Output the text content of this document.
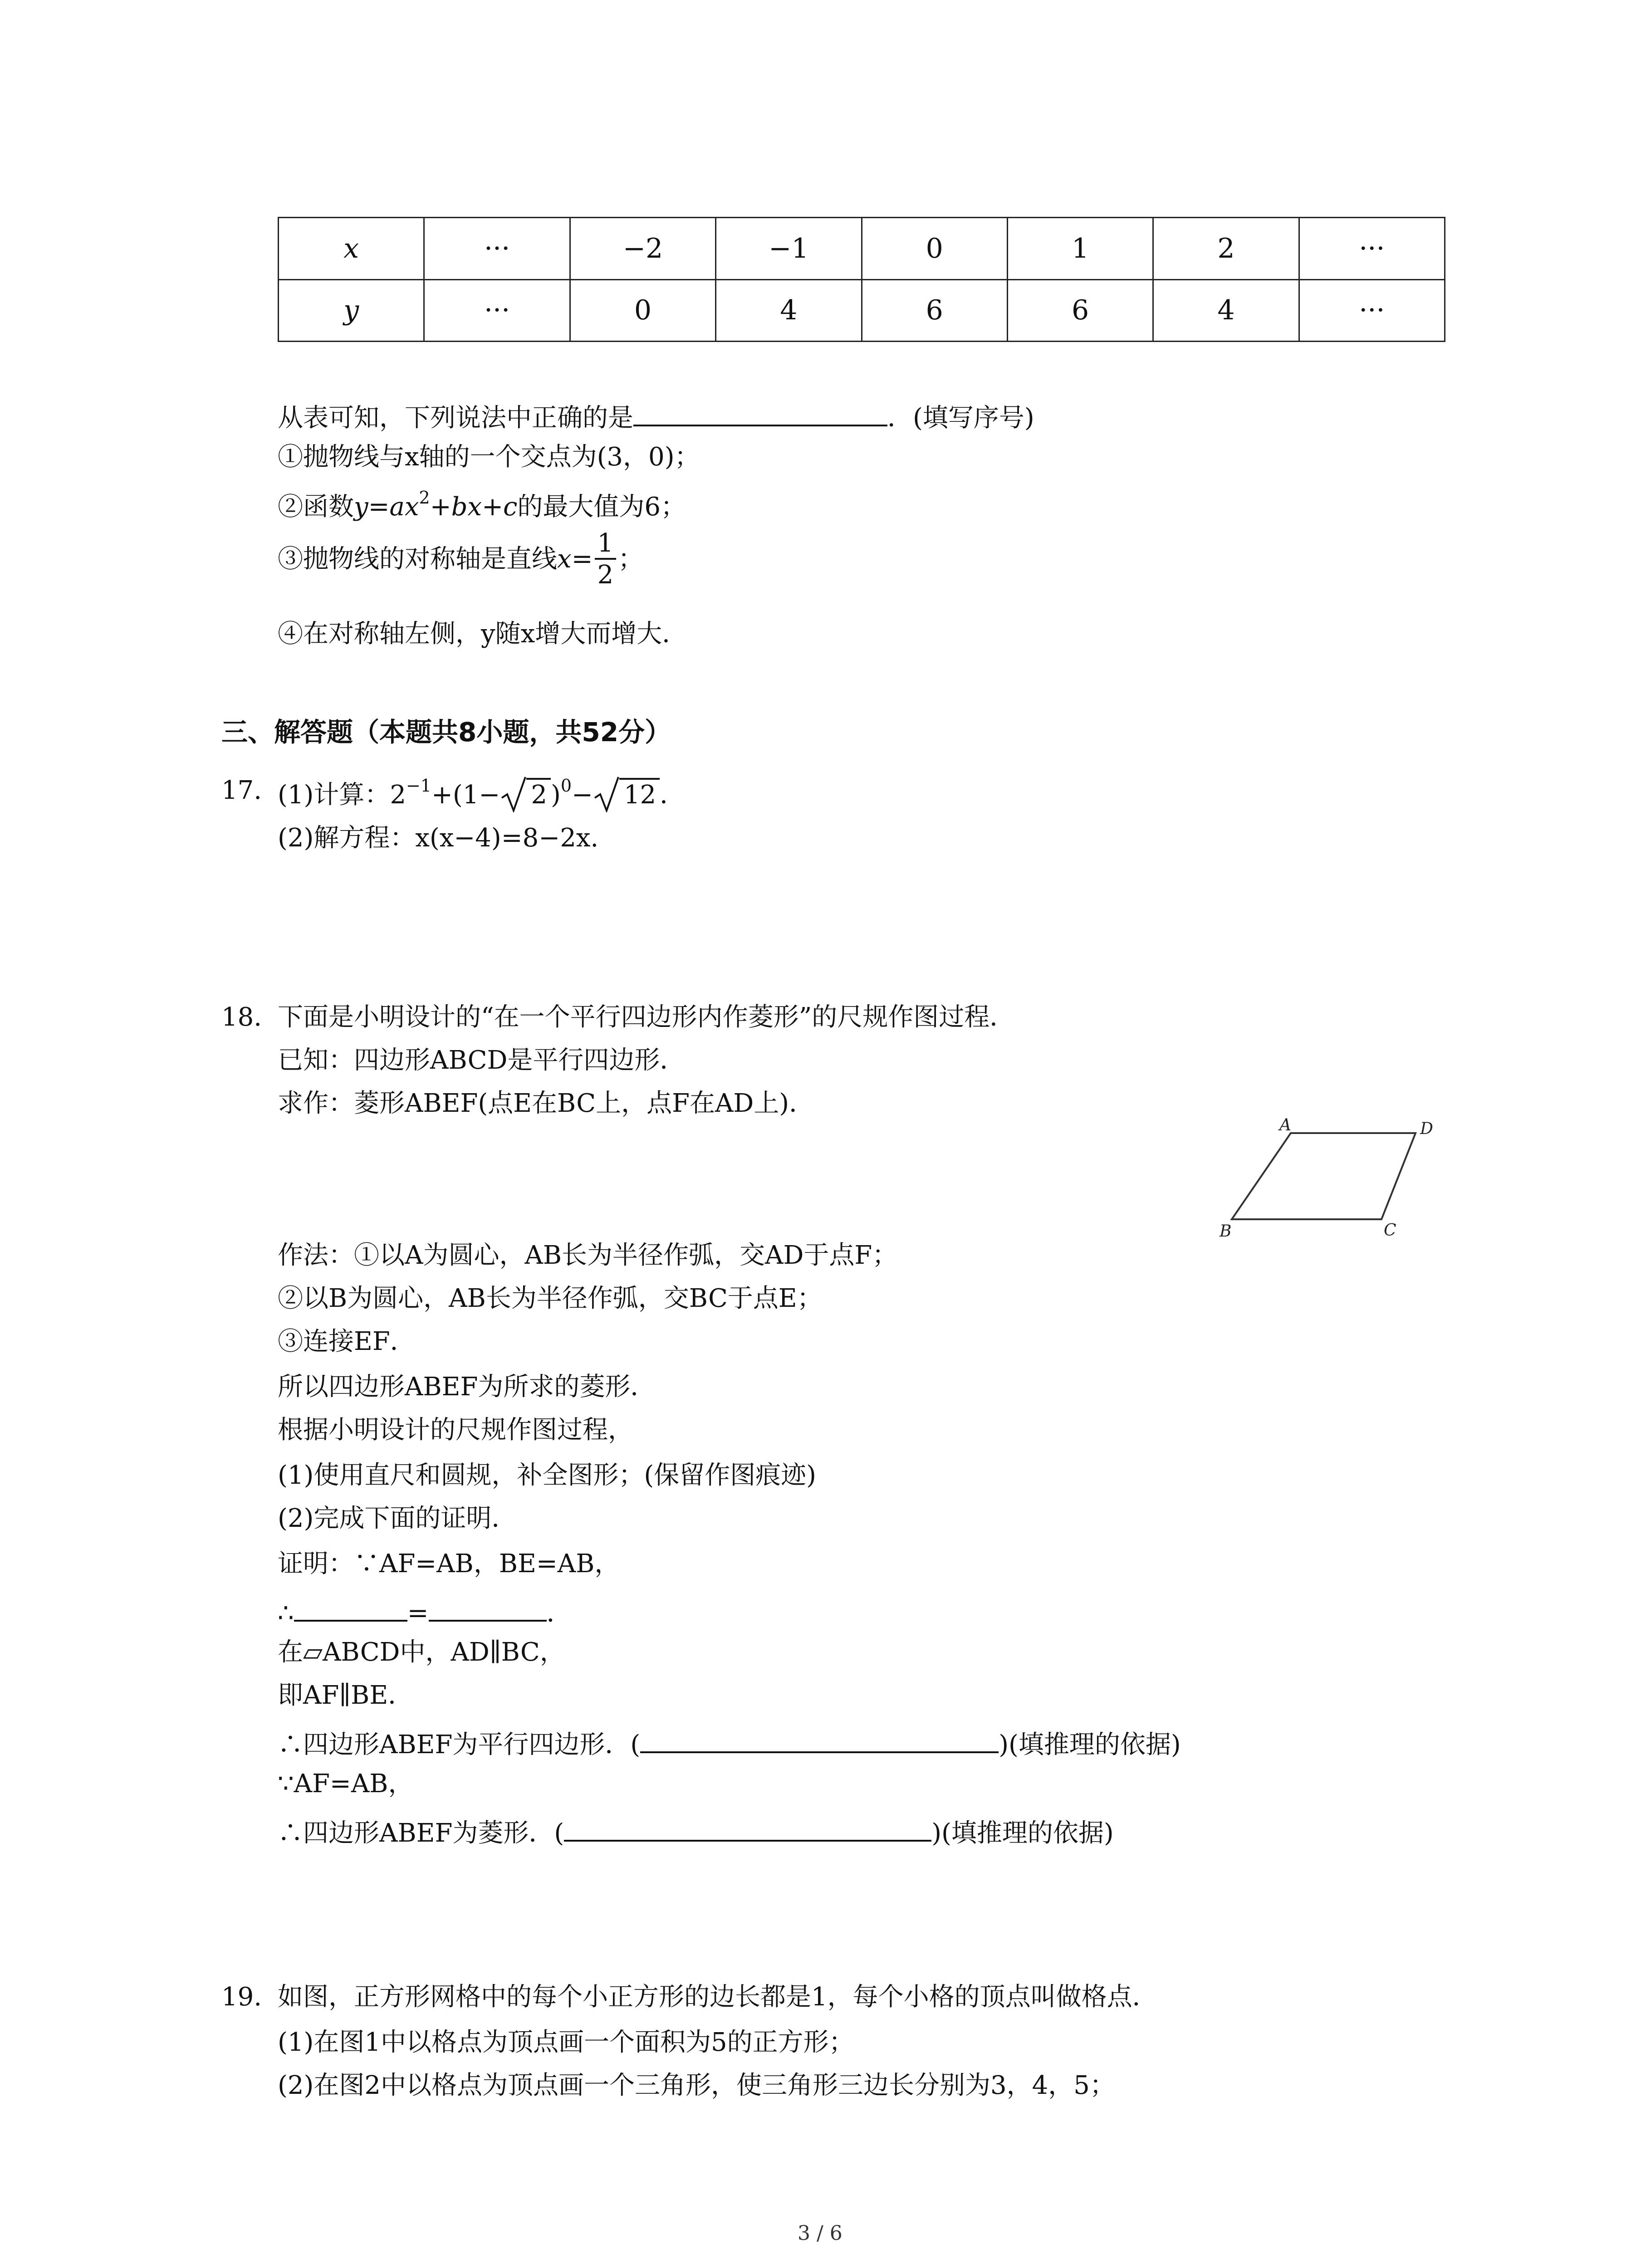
x	···	−2	−1	0	1	2	···
y	···	0	4	6	6	4	···
从表可知，下列说法中正确的是	．(填写序号)
①抛物线与x轴的一个交点为(3，0)；
②函数$y=ax^2+bx+c$的最大值为6；
③抛物线的对称轴是直线$x= \frac{1}{2}$ ；
④在对称轴左侧，y随x增大而增大．
三、解答题（本题共8小题，共52分）
17. (1)计算：$2^{-1}+(1- 2$ )$^0$− 12 ．
(2)解方程：x(x−4)=8−2x.
18. 下面是小明设计的“在一个平行四边形内作菱形”的尺规作图过程．
已知：四边形ABCD是平行四边形．
求作：菱形ABEF(点E在BC上，点F在AD上)．
A	D
B	C
作法：①以A为圆心，AB长为半径作弧，交AD于点F；
②以B为圆心，AB长为半径作弧，交BC于点E；
③连接EF．
所以四边形ABEF为所求的菱形．
根据小明设计的尺规作图过程，
(1)使用直尺和圆规，补全图形；(保留作图痕迹)
(2)完成下面的证明．
证明：∵AF=AB，BE=AB，
∴	=	．
在▱ABCD中，AD∥BC，
即AF∥BE．
∴四边形ABEF为平行四边形．(	)(填推理的依据)
∵AF=AB，
∴四边形ABEF为菱形．(	)(填推理的依据)
19. 如图，正方形网格中的每个小正方形的边长都是1，每个小格的顶点叫做格点．
(1)在图1中以格点为顶点画一个面积为5的正方形；
(2)在图2中以格点为顶点画一个三角形，使三角形三边长分别为3，4，5；
3 / 6
